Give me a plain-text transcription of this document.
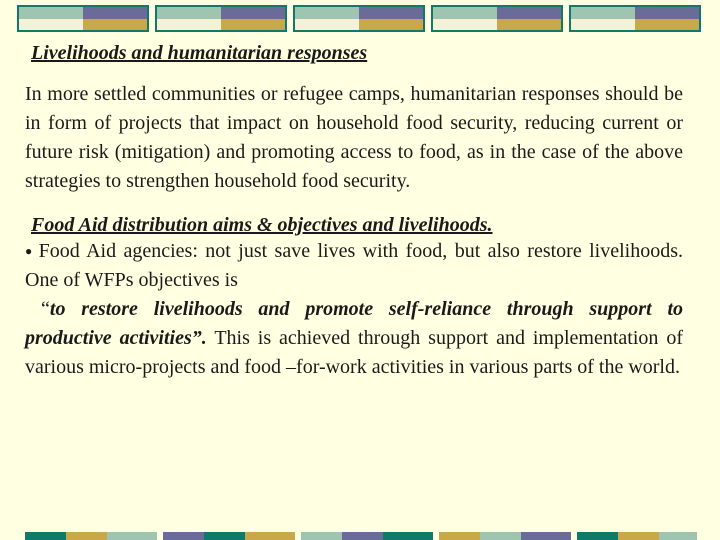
Livelihoods and humanitarian responses

In more settled communities or refugee camps, humanitarian responses should be in form of projects that impact on household food security, reducing current or future risk (mitigation) and promoting access to food, as in the case of the above strategies to strengthen household food security.

Food Aid distribution aims & objectives and livelihoods.

● Food Aid agencies: not just save lives with food, but also restore livelihoods. One of WFPs objectives is

“to restore livelihoods and promote self-reliance through support to productive activities”. This is achieved through support and implementation of various micro-projects and food –for-work activities in various parts of the world.
